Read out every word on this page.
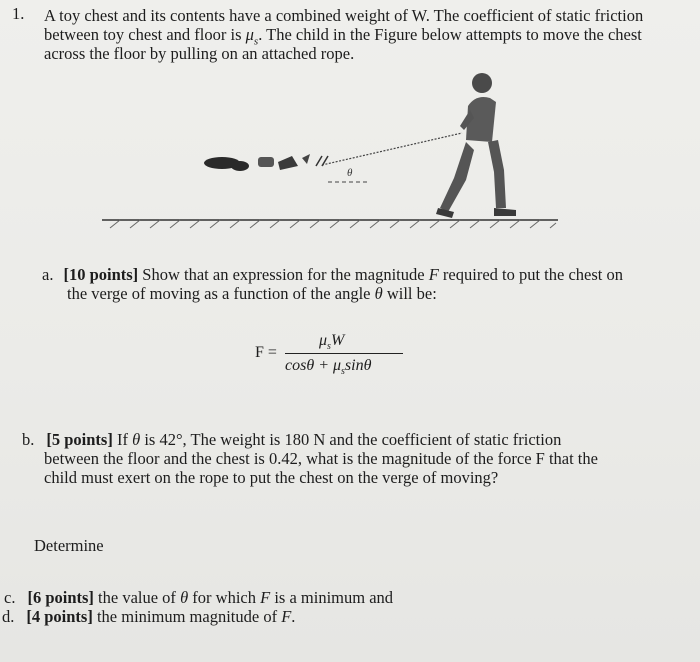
1. A toy chest and its contents have a combined weight of W. The coefficient of static friction
between toy chest and floor is $\mu_s$. The child in the Figure below attempts to move the chest
across the floor by pulling on an attached rope.
θ
a. [10 points] Show that an expression for the magnitude F required to put the chest on
the verge of moving as a function of the angle θ will be:
F =
$\mu_sW$
$\cos\theta + \mu_s\sin\theta$
b. [5 points] If θ is 42°, The weight is 180 N and the coefficient of static friction
between the floor and the chest is 0.42, what is the magnitude of the force F that the
child must exert on the rope to put the chest on the verge of moving?
Determine
c. [6 points] the value of θ for which F is a minimum and
d. [4 points] the minimum magnitude of F.
